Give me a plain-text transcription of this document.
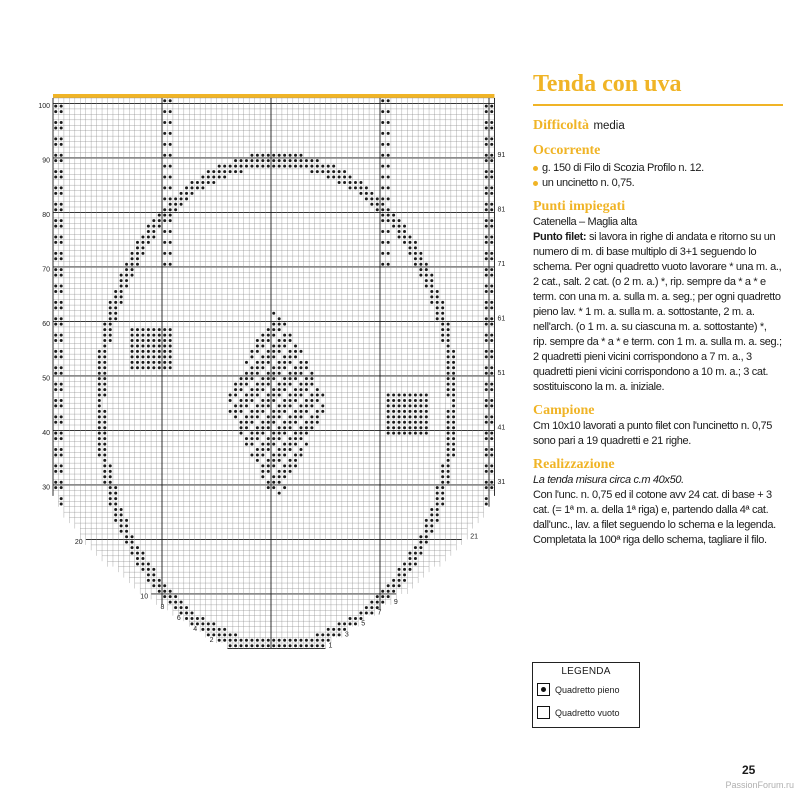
100
90
80
70
60
50
40
30
20
10
8
6
4
2
91
81
71
61
51
41
31
21
9
7
5
3
1
Tenda con uva
Difficoltà media
Occorrente
g. 150 di Filo di Scozia Profilo n. 12.
un uncinetto n. 0,75.
Punti impiegati

Catenella – Maglia alta

Punto filet: si lavora in righe di andata e ritorno su un numero di m. di base multiplo di 3+1 seguendo lo schema. Per ogni quadretto vuoto lavorare * una m. a., 2 cat., salt. 2 cat. (o 2 m. a.) *, rip. sempre da * a * e term. con una m. a. sulla m. a. seg.; per ogni quadretto pieno lav. * 1 m. a. sulla m. a. sottostante, 2 m. a. nell'arch. (o 1 m. a. su ciascuna m. a. sottostante) *, rip. sempre da * a * e term. con 1 m. a. sulla m. a. seg.; 2 quadretti pieni vicini corrispondono a 7 m. a., 3 quadretti pieni vicini corrispondono a 10 m. a.; 3 cat. sostituiscono la m. a. iniziale.

Campione

Cm 10x10 lavorati a punto filet con l'uncinetto n. 0,75 sono pari a 19 quadretti e 21 righe.

Realizzazione

La tenda misura circa c.m 40x50.

Con l'unc. n. 0,75 ed il cotone avv 24 cat. di base + 3 cat. (= 1ª m. a. della 1ª riga) e, partendo dalla 4ª cat. dall'unc., lav. a filet seguendo lo schema e la legenda. Completata la 100ª riga dello schema, tagliare il filo.

LEGENDA
Quadretto pieno
Quadretto vuoto
25
PassionForum.ru
